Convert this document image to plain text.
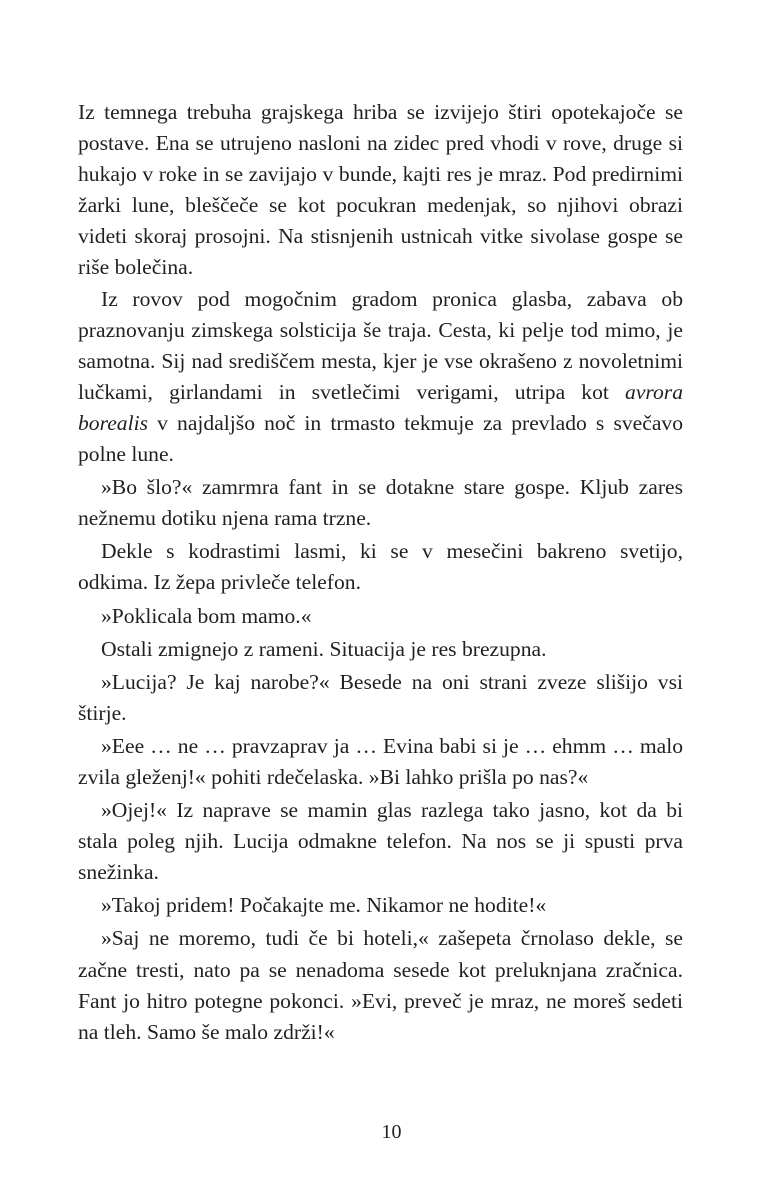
Iz temnega trebuha grajskega hriba se izvijejo štiri opotekajoče se postave. Ena se utrujeno nasloni na zidec pred vhodi v rove, druge si hukajo v roke in se zavijajo v bunde, kajti res je mraz. Pod predirnimi žarki lune, bleščeče se kot pocukran medenjak, so njihovi obrazi videti skoraj prosojni. Na stisnjenih ustnicah vitke sivolase gospe se riše bolečina.

Iz rovov pod mogočnim gradom pronica glasba, zabava ob praznovanju zimskega solsticija še traja. Cesta, ki pelje tod mimo, je samotna. Sij nad središčem mesta, kjer je vse okrašeno z novoletnimi lučkami, girlandami in svetlečimi verigami, utripa kot avrora borealis v najdaljšo noč in trmasto tekmuje za prevlado s svečavo polne lune.

»Bo šlo?« zamrmra fant in se dotakne stare gospe. Kljub zares nežnemu dotiku njena rama trzne.

Dekle s kodrastimi lasmi, ki se v mesečini bakreno svetijo, odkima. Iz žepa privleče telefon.

»Poklicala bom mamo.«

Ostali zmignejo z rameni. Situacija je res brezupna.

»Lucija? Je kaj narobe?« Besede na oni strani zveze slišijo vsi štirje.

»Eee … ne … pravzaprav ja … Evina babi si je … ehmm … malo zvila gleženj!« pohiti rdečelaska. »Bi lahko prišla po nas?«

»Ojej!« Iz naprave se mamin glas razlega tako jasno, kot da bi stala poleg njih. Lucija odmakne telefon. Na nos se ji spusti prva snežinka.

»Takoj pridem! Počakajte me. Nikamor ne hodite!«

»Saj ne moremo, tudi če bi hoteli,« zašepeta črnolaso dekle, se začne tresti, nato pa se nenadoma sesede kot preluknjana zračnica. Fant jo hitro potegne pokonci. »Evi, preveč je mraz, ne moreš sedeti na tleh. Samo še malo zdrži!«

10
